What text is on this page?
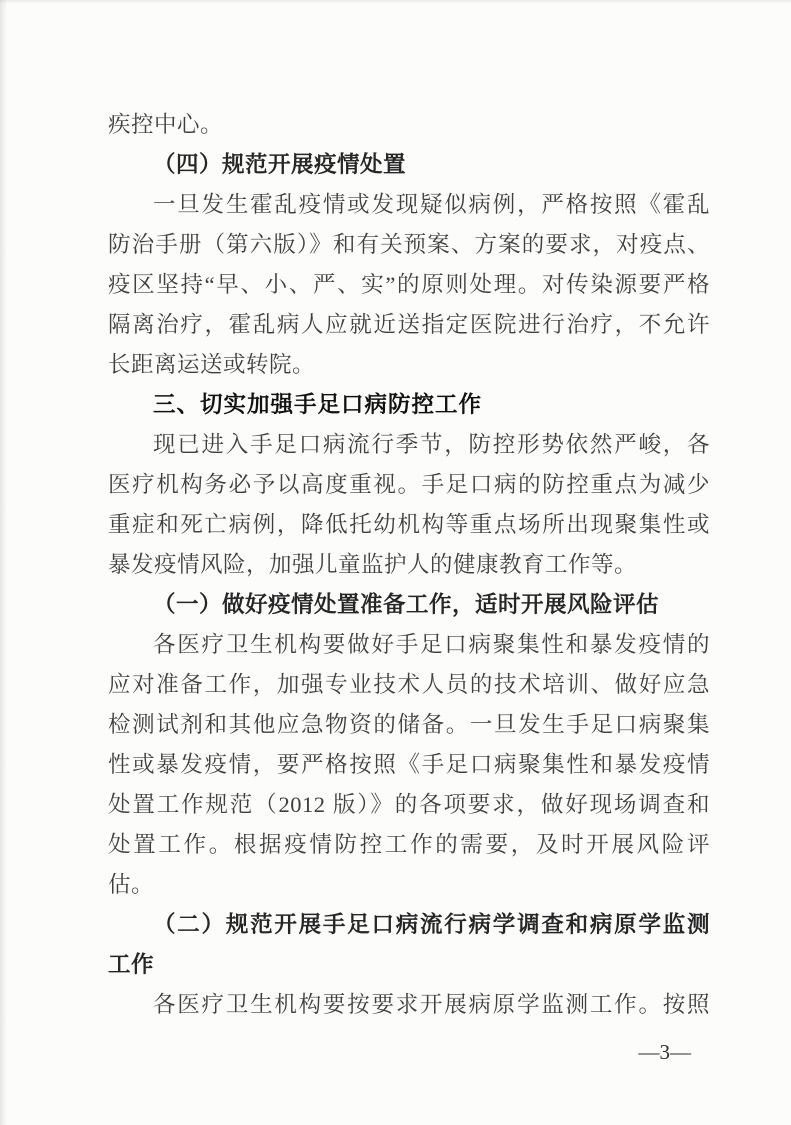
疾控中心。
（四）规范开展疫情处置
一旦发生霍乱疫情或发现疑似病例，严格按照《霍乱
防治手册（第六版）》和有关预案、方案的要求，对疫点、
疫区坚持“早、小、严、实”的原则处理。对传染源要严格
隔离治疗，霍乱病人应就近送指定医院进行治疗，不允许
长距离运送或转院。
三、切实加强手足口病防控工作
现已进入手足口病流行季节，防控形势依然严峻，各
医疗机构务必予以高度重视。手足口病的防控重点为减少
重症和死亡病例，降低托幼机构等重点场所出现聚集性或
暴发疫情风险，加强儿童监护人的健康教育工作等。
（一）做好疫情处置准备工作，适时开展风险评估
各医疗卫生机构要做好手足口病聚集性和暴发疫情的
应对准备工作，加强专业技术人员的技术培训、做好应急
检测试剂和其他应急物资的储备。一旦发生手足口病聚集
性或暴发疫情，要严格按照《手足口病聚集性和暴发疫情
处置工作规范（2012 版）》的各项要求，做好现场调查和
处置工作。根据疫情防控工作的需要，及时开展风险评
估。
（二）规范开展手足口病流行病学调查和病原学监测
工作
各医疗卫生机构要按要求开展病原学监测工作。按照
—3—
